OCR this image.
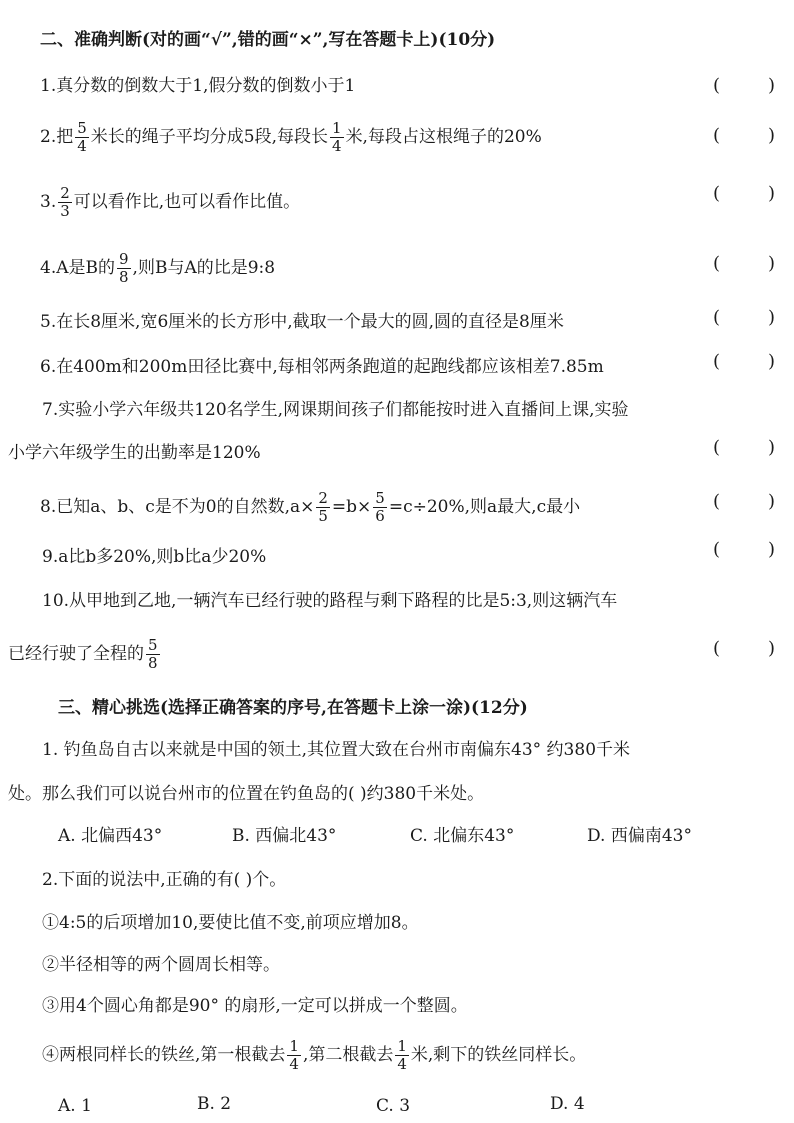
二、准确判断(对的画“√”,错的画“×”,写在答题卡上)(10分)
1.真分数的倒数大于1,假分数的倒数小于1	(	)
2.把 $\frac{5}{4}$ 米长的绳子平均分成5段,每段长 $\frac{1}{4}$ 米,每段占这根绳子的20%	(	)
3. $\frac{2}{3}$ 可以看作比,也可以看作比值。	(	)
4.A是B的 $\frac{9}{8}$ ,则B与A的比是9:8	(	)
5.在长8厘米,宽6厘米的长方形中,截取一个最大的圆,圆的直径是8厘米	(	)
6.在400m和200m田径比赛中,每相邻两条跑道的起跑线都应该相差7.85m	(	)
7.实验小学六年级共120名学生,网课期间孩子们都能按时进入直播间上课,实验
小学六年级学生的出勤率是120%	(	)
8.已知a、b、c是不为0的自然数$,a\times \frac{2}{5} =b\times \frac{5}{6} =c\div 20\%$,则a最大,c最小	(	)
9.a比b多20%,则b比a少20%	(	)
10.从甲地到乙地,一辆汽车已经行驶的路程与剩下路程的比是5:3,则这辆汽车
已经行驶了全程的 $\frac{5}{8}$	(	)
三、精心挑选(选择正确答案的序号,在答题卡上涂一涂)(12分)
1. 钓鱼岛自古以来就是中国的领土,其位置大致在台州市南偏东43° 约380千米
处。那么我们可以说台州市的位置在钓鱼岛的( )约380千米处。
A. 北偏西43°	B. 西偏北43°	C. 北偏东43°	D. 西偏南43°
2.下面的说法中,正确的有( )个。
①4:5的后项增加10,要使比值不变,前项应增加8。
②半径相等的两个圆周长相等。
③用4个圆心角都是90° 的扇形,一定可以拼成一个整圆。
④两根同样长的铁丝,第一根截去 $\frac{1}{4}$ ,第二根截去 $\frac{1}{4}$ 米,剩下的铁丝同样长。
A. 1	B. 2	C. 3	D. 4
